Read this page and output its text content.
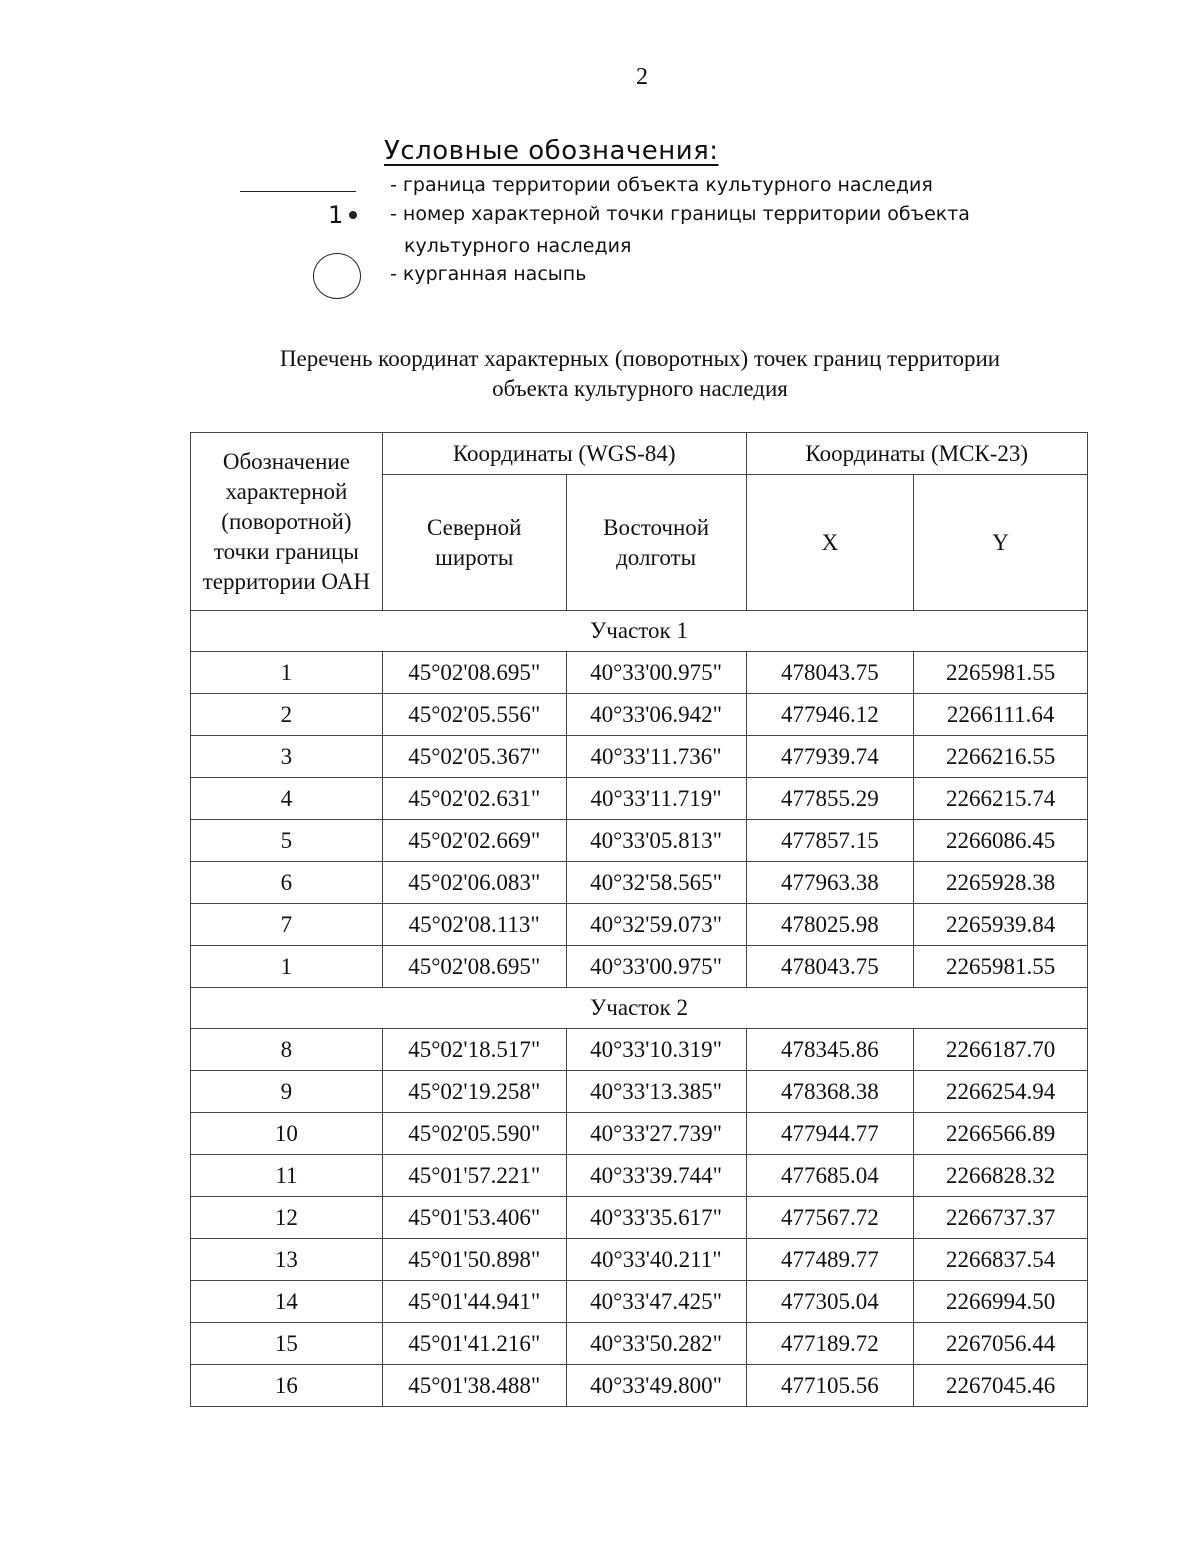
2
Условные обозначения:
- граница территории объекта культурного наследия
1 - номер характерной точки границы территории объекта
культурного наследия
- курганная насыпь
Перечень координат характерных (поворотных) точек границ территории
объекта культурного наследия
Обозначение характерной (поворотной) точки границы территории ОАН	Координаты (WGS-84)		Координаты (МСК-23)	
	Северной широты	Восточной долготы	X	Y
Участок 1				
1	45°02'08.695"	40°33'00.975"	478043.75	2265981.55
2	45°02'05.556"	40°33'06.942"	477946.12	2266111.64
3	45°02'05.367"	40°33'11.736"	477939.74	2266216.55
4	45°02'02.631"	40°33'11.719"	477855.29	2266215.74
5	45°02'02.669"	40°33'05.813"	477857.15	2266086.45
6	45°02'06.083"	40°32'58.565"	477963.38	2265928.38
7	45°02'08.113"	40°32'59.073"	478025.98	2265939.84
1	45°02'08.695"	40°33'00.975"	478043.75	2265981.55
Участок 2				
8	45°02'18.517"	40°33'10.319"	478345.86	2266187.70
9	45°02'19.258"	40°33'13.385"	478368.38	2266254.94
10	45°02'05.590"	40°33'27.739"	477944.77	2266566.89
11	45°01'57.221"	40°33'39.744"	477685.04	2266828.32
12	45°01'53.406"	40°33'35.617"	477567.72	2266737.37
13	45°01'50.898"	40°33'40.211"	477489.77	2266837.54
14	45°01'44.941"	40°33'47.425"	477305.04	2266994.50
15	45°01'41.216"	40°33'50.282"	477189.72	2267056.44
16	45°01'38.488"	40°33'49.800"	477105.56	2267045.46
